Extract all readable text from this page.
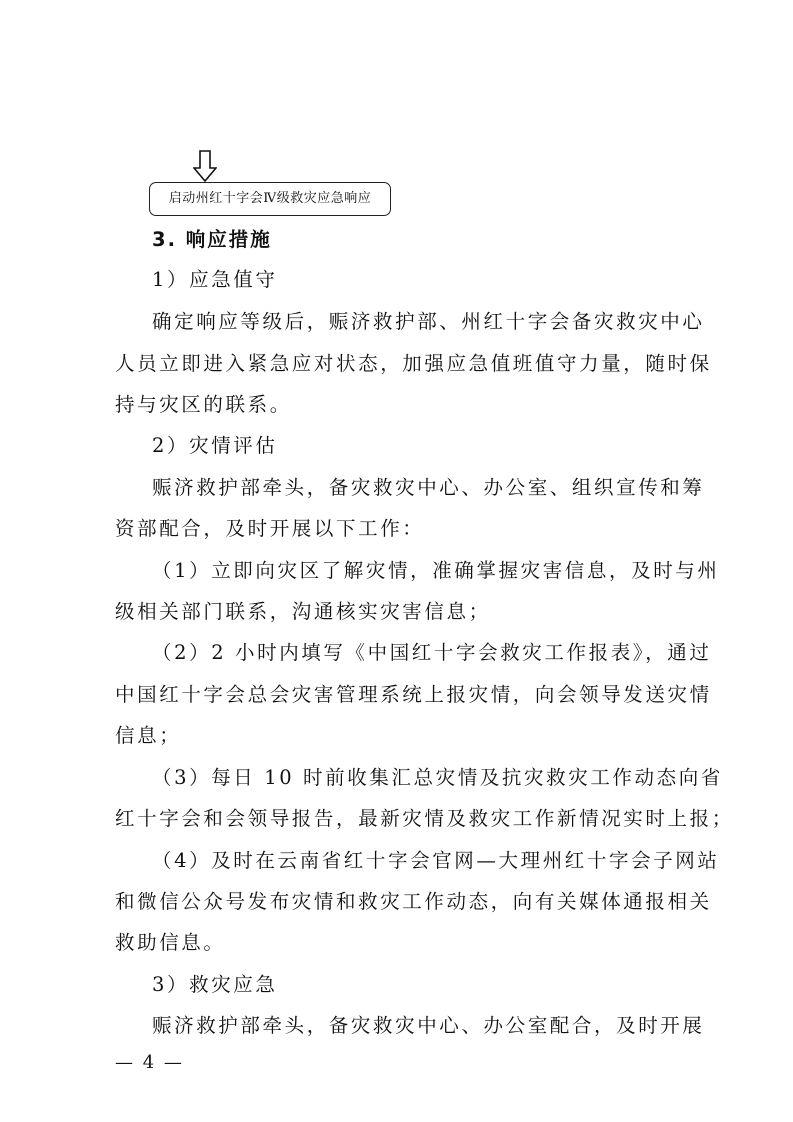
启动州红十字会Ⅳ级救灾应急响应
3. 响应措施
1）应急值守
确定响应等级后，赈济救护部、州红十字会备灾救灾中心
人员立即进入紧急应对状态，加强应急值班值守力量，随时保
持与灾区的联系。
2）灾情评估
赈济救护部牵头，备灾救灾中心、办公室、组织宣传和筹
资部配合，及时开展以下工作：
（1）立即向灾区了解灾情，准确掌握灾害信息，及时与州
级相关部门联系，沟通核实灾害信息；
（2）2 小时内填写《中国红十字会救灾工作报表》，通过
中国红十字会总会灾害管理系统上报灾情，向会领导发送灾情
信息；
（3）每日 10 时前收集汇总灾情及抗灾救灾工作动态向省
红十字会和会领导报告，最新灾情及救灾工作新情况实时上报；
（4）及时在云南省红十字会官网—大理州红十字会子网站
和微信公众号发布灾情和救灾工作动态，向有关媒体通报相关
救助信息。
3）救灾应急
赈济救护部牵头，备灾救灾中心、办公室配合，及时开展
— 4 —
